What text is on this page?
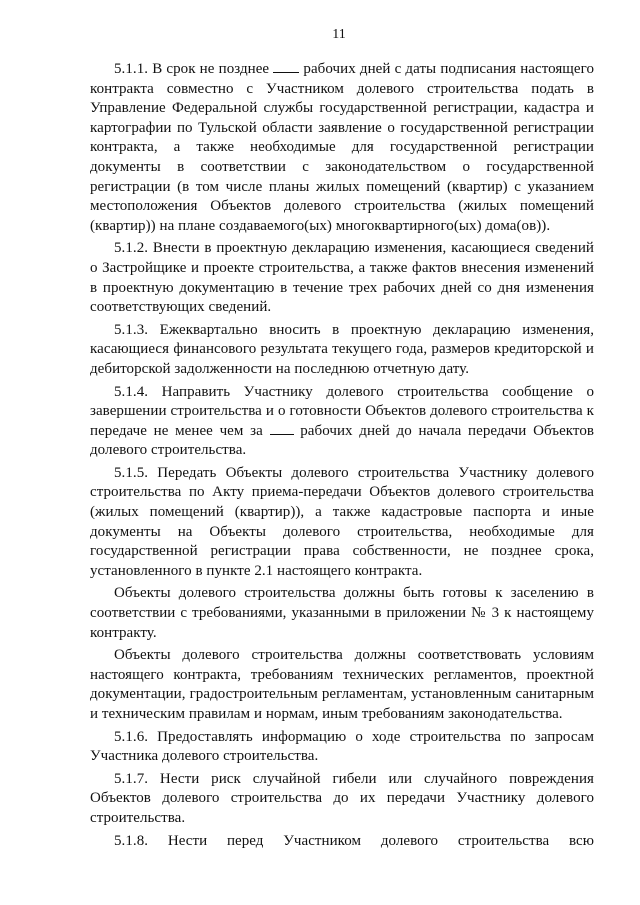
11

5.1.1. В срок не позднее  рабочих дней с даты подписания настоящего контракта совместно с Участником долевого строительства подать в Управление Федеральной службы государственной регистрации, кадастра и картографии по Тульской области заявление о государственной регистрации контракта, а также необходимые для государственной регистрации документы в соответствии с законодательством о государственной регистрации (в том числе планы жилых помещений (квартир) с указанием местоположения Объектов долевого строительства (жилых помещений (квартир)) на плане создаваемого(ых) многоквартирного(ых) дома(ов)).

5.1.2. Внести в проектную декларацию изменения, касающиеся сведений о Застройщике и проекте строительства, а также фактов внесения изменений в проектную документацию в течение трех рабочих дней со дня изменения соответствующих сведений.

5.1.3. Ежеквартально вносить в проектную декларацию изменения, касающиеся финансового результата текущего года, размеров кредиторской и дебиторской задолженности на последнюю отчетную дату.

5.1.4. Направить Участнику долевого строительства сообщение о завершении строительства и о готовности Объектов долевого строительства к передаче не менее чем за  рабочих дней до начала передачи Объектов долевого строительства.

5.1.5. Передать Объекты долевого строительства Участнику долевого строительства по Акту приема-передачи Объектов долевого строительства (жилых помещений (квартир)), а также кадастровые паспорта и иные документы на Объекты долевого строительства, необходимые для государственной регистрации права собственности, не позднее срока, установленного в пункте 2.1 настоящего контракта.

Объекты долевого строительства должны быть готовы к заселению в соответствии с требованиями, указанными в приложении № 3 к настоящему контракту.

Объекты долевого строительства должны соответствовать условиям настоящего контракта, требованиям технических регламентов, проектной документации, градостроительным регламентам, установленным санитарным и техническим правилам и нормам, иным требованиям законодательства.

5.1.6. Предоставлять информацию о ходе строительства по запросам Участника долевого строительства.

5.1.7. Нести риск случайной гибели или случайного повреждения Объектов долевого строительства до их передачи Участнику долевого строительства.

5.1.8. Нести перед Участником долевого строительства всю
